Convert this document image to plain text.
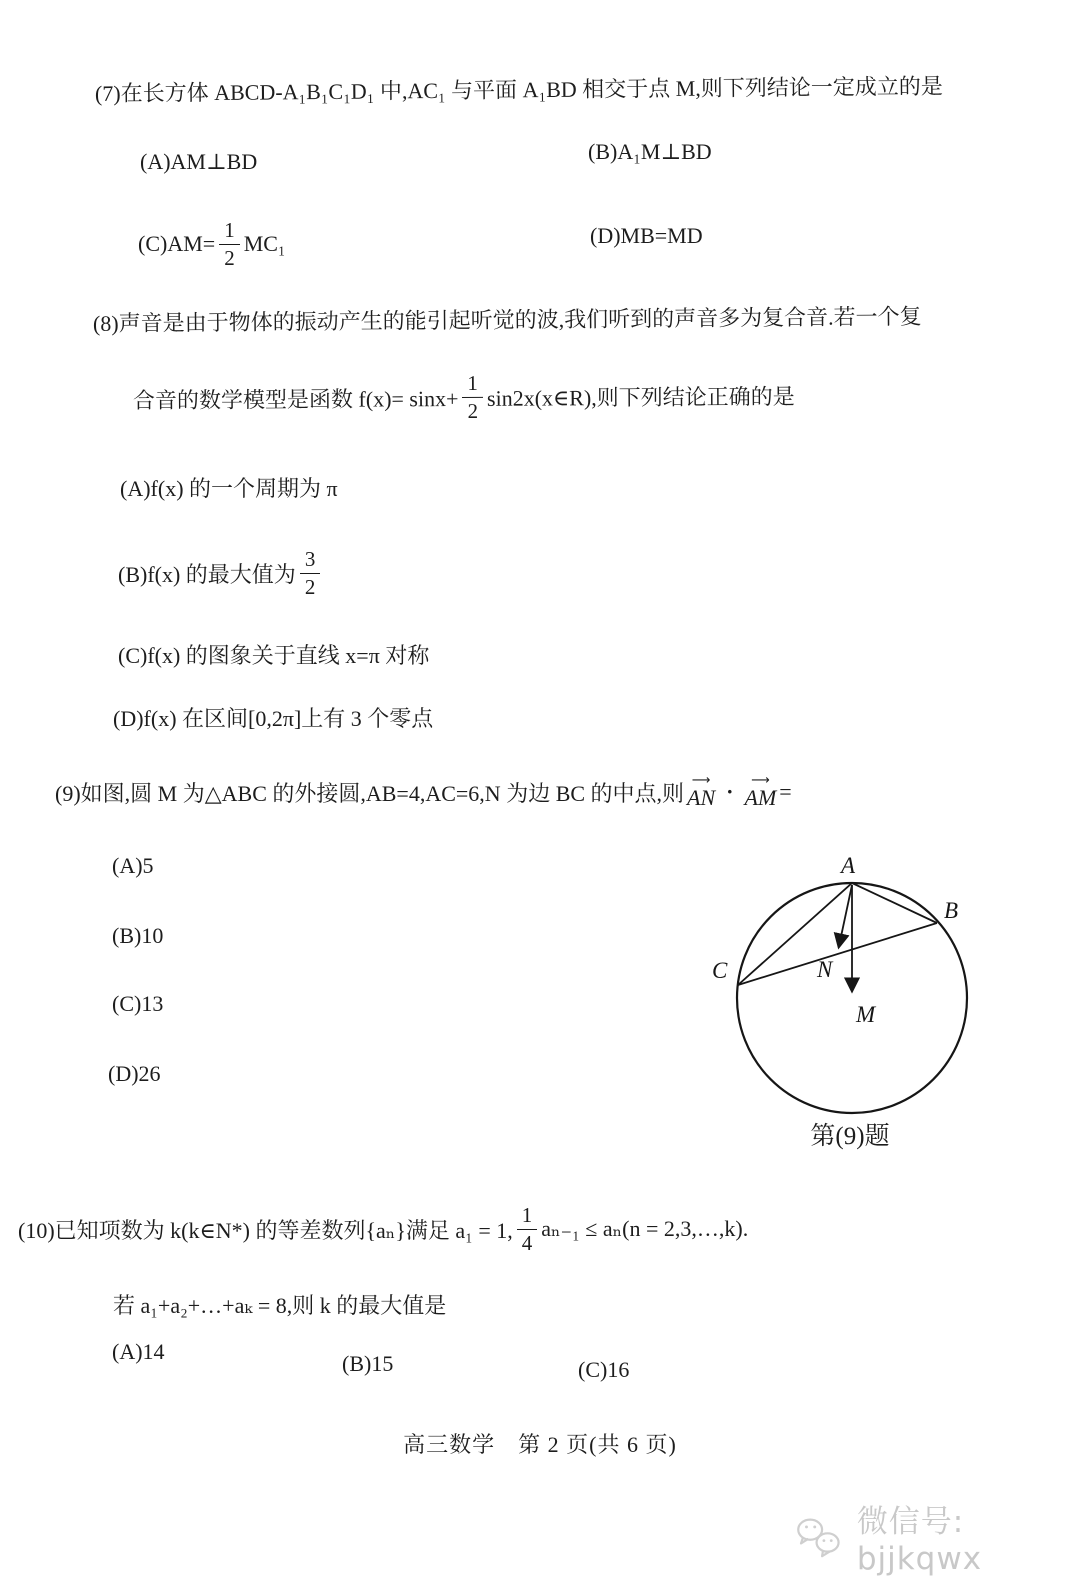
(7)在长方体 ABCD-A₁B₁C₁D₁ 中,AC₁ 与平面 A₁BD 相交于点 M,则下列结论一定成立的是
(A)AM⊥BD	(B)A₁M⊥BD
$(C)AM= \frac{1}{2} MC_1$	(D)MB=MD
(8)声音是由于物体的振动产生的能引起听觉的波,我们听到的声音多为复合音.若一个复
合音的数学模型是函数 $f(x)= \sin x+ \frac{1}{2}$ sin2x(x∈R),则下列结论正确的是
(A)f(x) 的一个周期为 π
(B)f(x) 的最大值为 $\frac{3}{2}$
(C)f(x) 的图象关于直线 x=π 对称
(D)f(x) 在区间[0,2π]上有 3 个零点
(9)如图,圆 M 为△ABC 的外接圆,AB=4,AC=6,N 为边 BC 的中点,则
⟶
AN · ⟶
AM =
(A)5
(B)10
(C)13
(D)26
A
B
C	N
M
第(9)题
(10)已知项数为 k(k∈N*) 的等差数列{aₙ}满足 a₁ = 1, $\frac{1}{4} a_{n-1} \le a_n(n$ = 2,3,…,k).
若 a₁+a₂+…+aₖ = 8,则 k 的最大值是
(A)14	(B)15	(C)16
高三数学　第 2 页(共 6 页)
微信号: bjjkqwx
